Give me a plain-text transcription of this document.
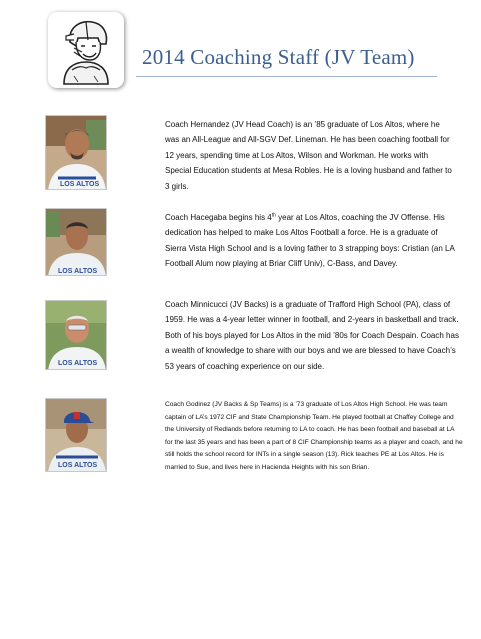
2014 Coaching Staff (JV Team)
LOS ALTOS

Coach Hernandez (JV Head Coach) is an ’85 graduate of Los Altos, where he was an All-League and All-SGV Def. Lineman. He has been coaching football for 12 years, spending time at Los Altos, Wilson and Workman. He works with Special Education students at Mesa Robles. He is a loving husband and father to 3 girls.

LOS ALTOS

Coach Hacegaba begins his 4th year at Los Altos, coaching the JV Offense. His dedication has helped to make Los Altos Football a force. He is a graduate of Sierra Vista High School and is a loving father to 3 strapping boys: Cristian (an LA Football Alum now playing at Briar Cliff Univ), C-Bass, and Davey.

LOS ALTOS

Coach Minnicucci (JV Backs) is a graduate of Trafford High School (PA), class of 1959. He was a 4-year letter winner in football, and 2-years in basketball and track. Both of his boys played for Los Altos in the mid ’80s for Coach Despain. Coach has a wealth of knowledge to share with our boys and we are blessed to have Coach’s 53 years of coaching experience on our side.

LOS ALTOS

Coach Godinez (JV Backs & Sp Teams) is a ’73 graduate of Los Altos High School. He was team captain of LA’s 1972 CIF and State Championship Team. He played football at Chaffey College and the University of Redlands before returning to LA to coach. He has been football and baseball at LA for the last 35 years and has been a part of 8 CIF Championship teams as a player and coach, and he still holds the school record for INTs in a single season (13). Rick teaches PE at Los Altos. He is married to Sue, and lives here in Hacienda Heights with his son Brian.
